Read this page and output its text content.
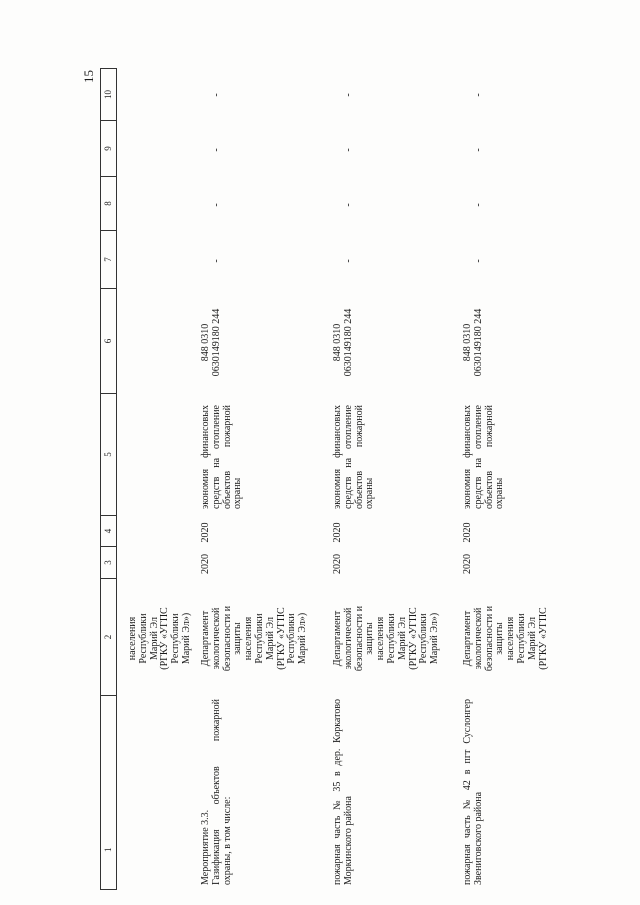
15
1
2
3
4
5
6
7
8
9
10
населения Республики Марий Эл (РГКУ «УГПС Республики Марий Эл»)
Мероприятие 3.3. Газификация объектов пожарной охраны, в том числе:
Департамент экологической безопасности и защиты населения Республики Марий Эл (РГКУ «УГПС Республики Марий Эл»)
2020
2020
экономия финансовых средств на отопление объектов пожарной охраны
848 0310 0630149180 244
-
-
-
-
пожарная часть № 35 в дер. Коркатово Моркинского района
Департамент экологической безопасности и защиты населения Республики Марий Эл (РГКУ «УГПС Республики Марий Эл»)
2020
2020
экономия финансовых средств на отопление объектов пожарной охраны
848 0310 0630149180 244
-
-
-
-
пожарная часть № 42 в пгт Суслонгер Звениговского района
Департамент экологической безопасности и защиты населения Республики Марий Эл (РГКУ «УГПС
2020
2020
экономия финансовых средств на отопление объектов пожарной охраны
848 0310 0630149180 244
-
-
-
-
